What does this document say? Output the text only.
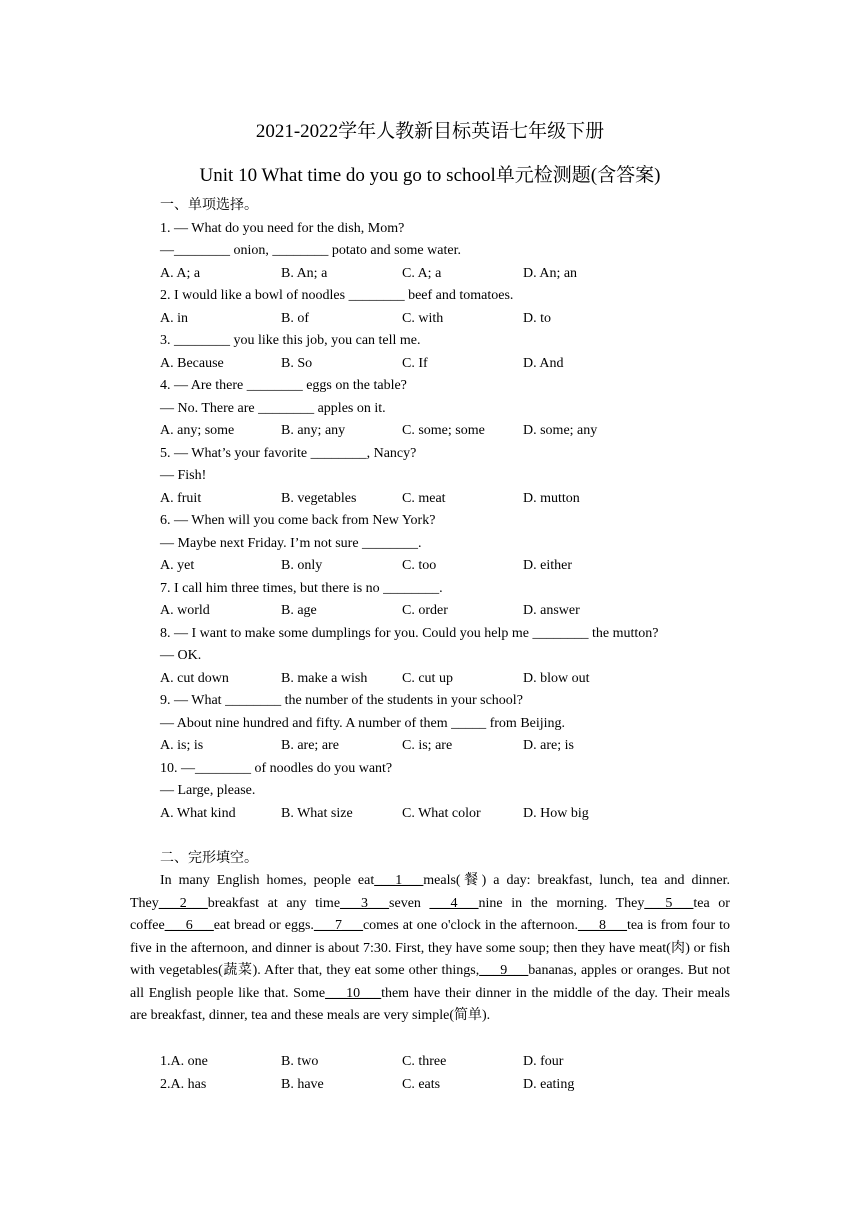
2021-2022学年人教新目标英语七年级下册
Unit 10 What time do you go to school单元检测题(含答案)
一、单项选择。
1. — What do you need for the dish, Mom?
—________ onion, ________ potato and some water.
A. A; a	B. An; a	C. A; a	D. An; an
2. I would like a bowl of noodles ________ beef and tomatoes.
A. in	B. of	C. with	D. to
3. ________ you like this job, you can tell me.
A. Because	B. So	C. If	D. And
4. — Are there ________ eggs on the table?
— No. There are ________ apples on it.
A. any; some	B. any; any	C. some; some	D. some; any
5. — What’s your favorite ________, Nancy?
— Fish!
A. fruit	B. vegetables	C. meat	D. mutton
6. — When will you come back from New York?
— Maybe next Friday. I’m not sure ________.
A. yet	B. only	C. too	D. either
7. I call him three times, but there is no ________.
A. world	B. age	C. order	D. answer
8. — I want to make some dumplings for you. Could you help me ________ the mutton?
— OK.
A. cut down	B. make a wish	C. cut up	D. blow out
9. — What ________ the number of the students in your school?
— About nine hundred and fifty. A number of them _____ from Beijing.
A. is; is	B. are; are	C. is; are	D. are; is
10. —________ of noodles do you want?
— Large, please.
A. What kind	B. What size	C. What color	D. How big
二、完形填空。

In many English homes, people eat___1___meals(餐) a day: breakfast, lunch, tea and dinner. They___2___breakfast at any time___3___seven ___4___nine in the morning. They___5___tea or coffee___6___eat bread or eggs.___7___comes at one o'clock in the afternoon.___8___tea is from four to five in the afternoon, and dinner is about 7:30. First, they have some soup; then they have meat(肉) or fish with vegetables(蔬菜). After that, they eat some other things,___9___bananas, apples or oranges. But not all English people like that. Some___10___them have their dinner in the middle of the day. Their meals are breakfast, dinner, tea and these meals are very simple(简单).

1.A. one	B. two	C. three	D. four
2.A. has	B. have	C. eats	D. eating
